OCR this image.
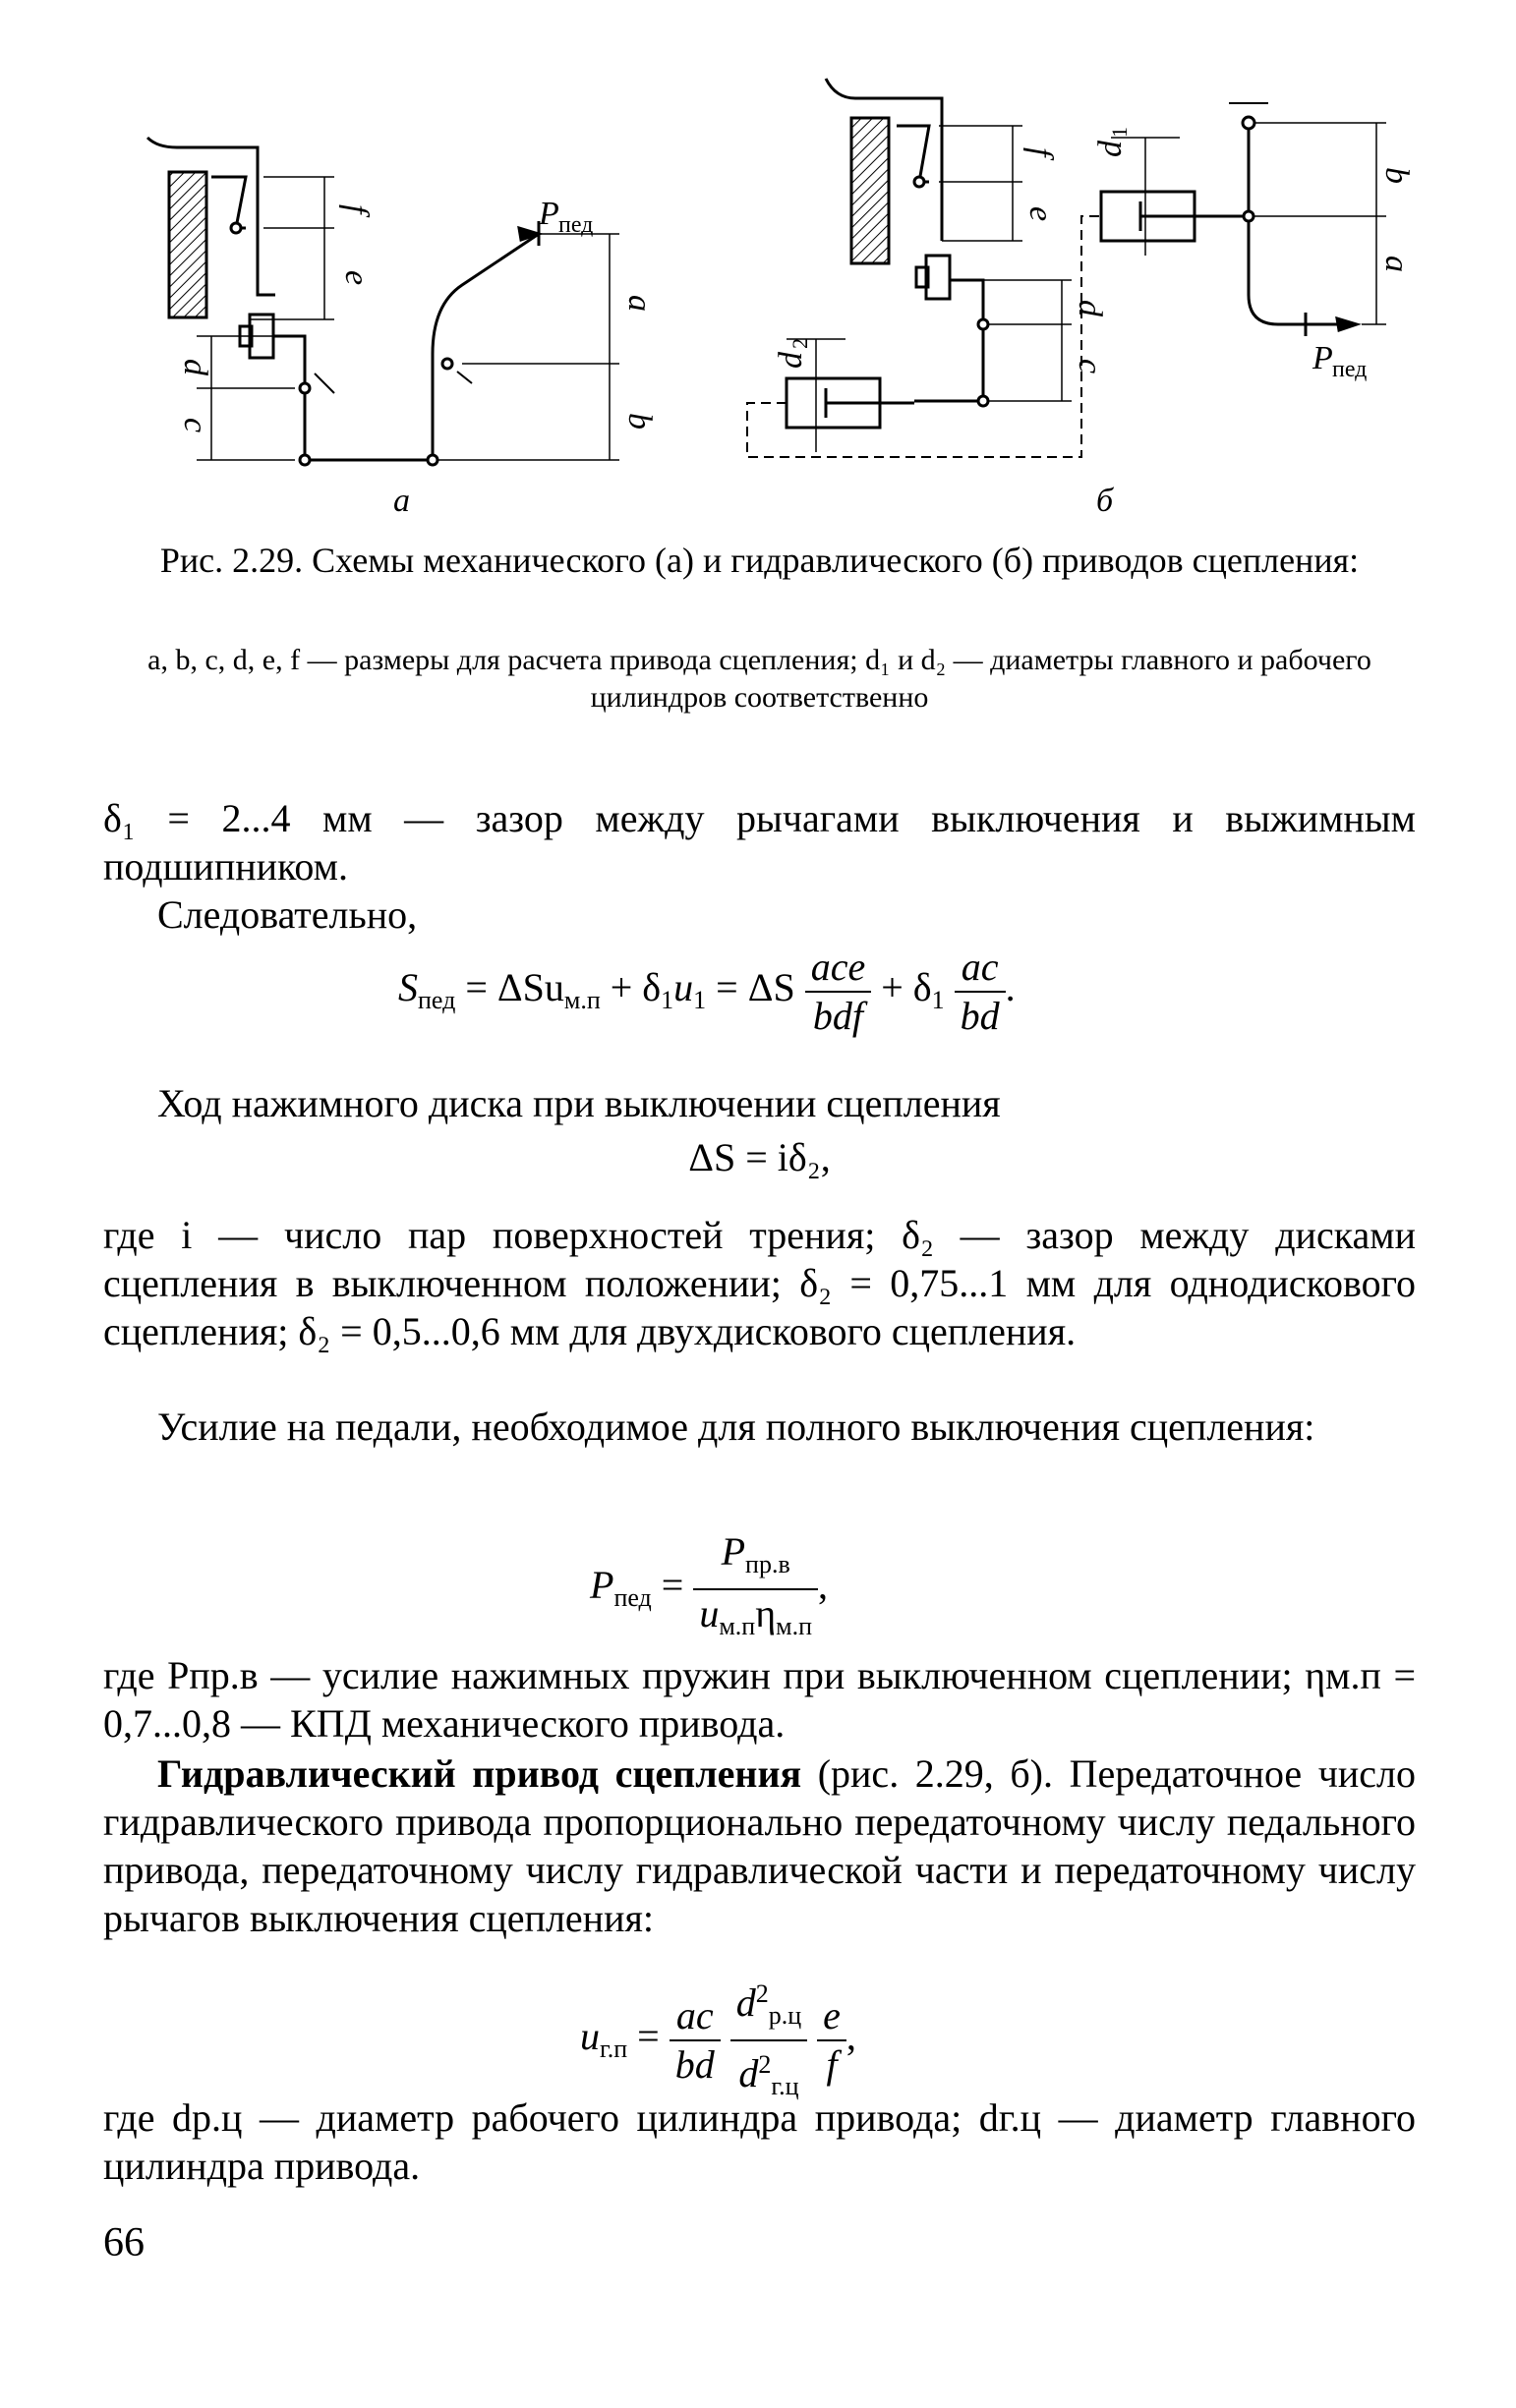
f
e
d
c
a
b
P пед
а
f
e
d
c
b
a
d
1
d
2	P пед
б
Рис. 2.29. Схемы механического (а) и гидравлического (б) приводов сцепления:
a, b, c, d, e, f — размеры для расчета привода сцепления; d₁ и d₂ — диаметры главного и рабочего цилиндров соответственно
δ₁ = 2...4 мм — зазор между рычагами выключения и выжимным подшипником.
Следовательно,
$S_{пед} = \Delta Su_{м.п} + \delta_1u_1 = \Delta S \frac{\text{ace}}{\text{bdf}} + \delta_1 \frac{ac}{bd}$ .
Ход нажимного диска при выключении сцепления
ΔS = iδ₂,
где i — число пар поверхностей трения; δ₂ — зазор между дисками сцепления в выключенном положении; δ₂ = 0,75...1 мм для однодискового сцепления; δ₂ = 0,5...0,6 мм для двухдискового сцепления.
Усилие на педали, необходимое для полного выключения сцепления:
$P_{пед} = \frac{P_{пр.в}}{u_{м.п}\eta_{м.п}}$ ,
где Pпр.в — усилие нажимных пружин при выключенном сцеплении; ηм.п = 0,7...0,8 — КПД механического привода.
Гидравлический привод сцепления (рис. 2.29, б). Передаточное число гидравлического привода пропорционально передаточному числу педального привода, передаточному числу гидравлической части и передаточному числу рычагов выключения сцепления:
$u_{г.п} = \frac{ac}{bd}$
$\frac{d^2_{р.ц}}{d^2_{г.ц}}$
$\frac{e}{f}$ ,
где dр.ц — диаметр рабочего цилиндра привода; dг.ц — диаметр главного цилиндра привода.
66
